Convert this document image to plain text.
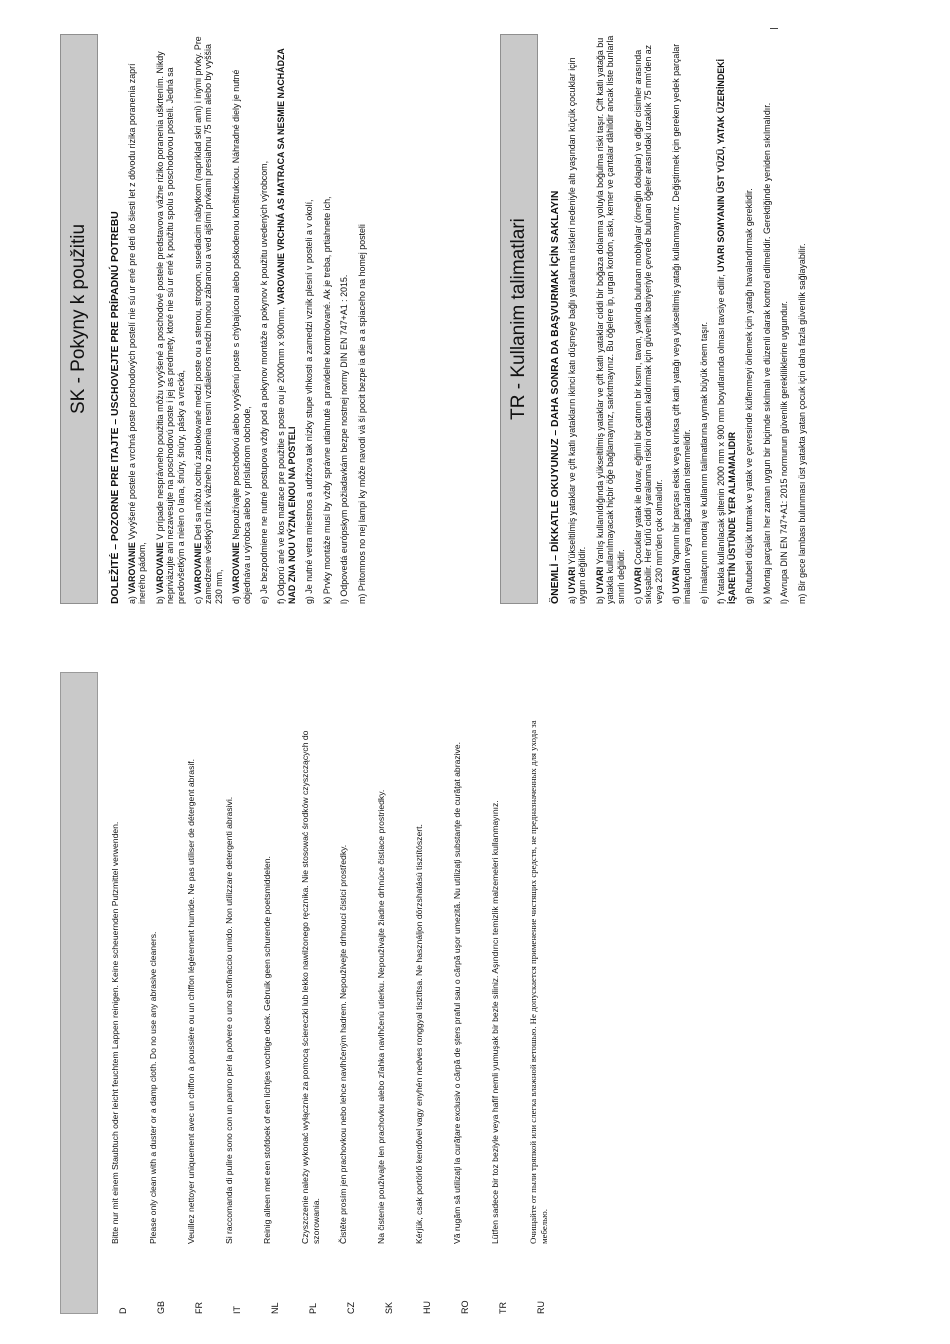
D
Bitte nur mit einem Staubtuch oder leicht feuchtem Lappen reinigen. Keine scheuernden Putzmittel verwenden.
GB
Please only clean with a duster or a damp cloth. Do no use any abrasive cleaners.
FR
Veuillez nettoyer uniquement avec un chiffon à poussière ou un chiffon légèrement humide. Ne pas utiliser de détergent abrasif.
IT
Si raccomanda di pulire sono con un panno per la polvere o uno strofinaccio umido. Non utilizzare detergenti abrasivi.
NL
Reinig alleen met een stofdoek of een lichtjes vochtige doek. Gebruik geen schurende poetsmiddelen.
PL
Czyszczenie należy wykonać wyłącznie za pomocą ściereczki lub lekko nawilżonego ręcznika. Nie stosować środków czyszczących do szorowania.
CZ
Čistěte prosím jen prachovkou nebo lehce navlhčeným hadrem. Nepoužívejte drhnoucí čisticí prostředky.
SK
Na čistenie používajte len prachovku alebo zľahka navlhčenú utierku. Nepoužívajte žiadne drhnúce čistiace prostriedky.
HU
Kérjük, csak portörlő kendővel vagy enyhén nedves ronggyal tisztítsa. Ne használjon dörzshatású tisztítószert.
RO
Vă rugăm să utilizaţi la curăţare exclusiv o cârpă de şters praful sau o cârpă uşor umezită. Nu utilizaţi substanţe de curăţat abrazive.
TR
Lütfen sadece bir toz beziyle veya hafif nemli yumuşak bir bezle siliniz. Aşındırıcı temizlik malzemeleri kullanmayınız.
RU
Очищайте от пыли тряпкой или слегка влажной ветошью. Не допускается применение чистящих средств, не предназначенных для ухода за мебелью.
SK - Pokyny k použitiu	DOLEŽITÉ – POZORNE PRE ITAJTE – USCHOVEJTE PRE PRÍPADNÚ POTREBU a) VAROVANIE Vyvýšené postele a vrchná poste poschodových postelí nie sú ur ené pre deti do šiesti let z dôvodu rizika poranenia zaprí inerého pádom, b) VAROVANIE V prípade nesprávneho použitia môžu vyvýšené a poschodové postele predstavova vážne riziko poranenia uškrtením. Nikdy nepriväzujte ani nezavesujte na poschodovú poste i jej as predmety, ktoré nie sú ur ené k použitu spolu s poschodovou posteli. Jedná sa predovšetkým a nielen o lana, šnúry, šnúry, pásky a vrecká, c) VAROVANIE Deti sa môžu ocitnú zablokované medzi poste ou a stenou, stropom, susediacim nábytkom (napríklad skri ami) i inými prvky. Pre zamedzenie všetkých rizík vážneho zranenia nesmí vzdialenos medzi homou zábranou a ved ajšími prvkami presiahnu 75 mm alebo by vyššia 230 mm, d) VAROVANIE Nepoužívajte poschodovú alebo vyvýšenú poste s chýbajúcou alebo poškodenou konštrukciou. Náhradné diely je nutné objednáva u výrobca alebo v príslušnom obchode, e) Je bezpodmiene ne nutné postupova vždy pod a pokynov montáže a pokynov k použitu uvedených výrobcom,
f) Odporú ané ve kos matrace pre použitie s poste ou je 2000mm x 900mm, VAROVANIE VRCHNÁ AS MATRACA SA NESMIE NACHÁDZA NAD ZNA NOU VÝZNA ENOU NA POSTELI g) Je nutné vetra miestnos a udržova tak nízky stupe vlhkosti a zamedzi vznik plesní v posteli a v okolí,
k) Prvky montáže musí by vždy správne utiahnuté a pravidelne kontrolované. Ak je treba, prtiahnete ich,
l) Odpovedá európskym požiadavkám bezpe nostnej normy DIN EN 747+A1 : 2015.
m) Pritomnos no nej lampi ky môže navodi vä ší pocit bezpe ia die a a spiaceho na homej posteli	TR - Kullanim talimatlari	ÖNEMLİ – DİKKATLE OKUYUNUZ – DAHA SONRA DA BAŞVURMAK İÇİN SAKLAYIN a) UYARI Yükseltilmiş yataklar ve çift katlı yatakların ikinci katı düşmeye bağlı yaralanma riskleri nedeniyle altı yaşından küçük çocuklar için uygun değildir. b) UYARI Yanlış kullanıldığında yükseltilmiş yataklar ve çift katlı yataklar ciddi bir boğaza dolanma yoluyla boğulma riski taşır. Çift katlı yatağa bu yatakla kullanılmayacak hiçbir öğe bağlamayınız, sarkıtmayınız. Bu öğelere ip, urgan kordon, askı, kemer ve çantalar dâhildir ancak liste bunlarla sınırlı değildir. c) UYARI Çocuklar yatak ile duvar, eğimli bir çatının bir kısmı, tavan, yakında bulunan mobilyalar (örneğin dolaplar) ve diğer cisimler arasında sıkışabilir. Her türlü ciddi yaralanma riskini ortadan kaldırmak için güvenlik bariyeriyle çevrede bulunan öğeler arasındaki uzaklık 75 mm'den az veya 230 mm'den çok olmalıdır. d) UYARI Yapının bir parçası eksik veya kırıksa çift katlı yatağı veya yükseltilmiş yatağı kullanmayınız. Değiştirmek için gereken yedek parçalar imalatçıdan veya mağazalardan istenmelidir. e) İmalatçının montaj ve kullanım talimatlarına uymak büyük önem taşır.
f) Yatakla kullanılacak şiltenin 2000 mm x 900 mm boyutlarında olması tavsiye edilir, UYARI SOMYANIN ÜST YÜZÜ, YATAK ÜZERİNDEKİ İŞARETİN ÜSTÜNDE YER ALMAMALIDIR g) Rutubeti düşük tutmak ve yatak ve çevresinde küflenmeyi önlemek için yatağı havalandırmak gereklidir.
k) Montaj parçaları her zaman uygun bir biçimde sıkılmalı ve düzenli olarak kontrol edilmelidir. Gerektiğinde yeniden sıkılmalıdır.
l) Avrupa DIN EN 747+A1: 2015 normunun güvenlik gerekliliklerine uygundur.
m) Bir gece lambası bulunması üst yatakta yatan çocuk için daha fazla güvenlik sağlayabilir.
